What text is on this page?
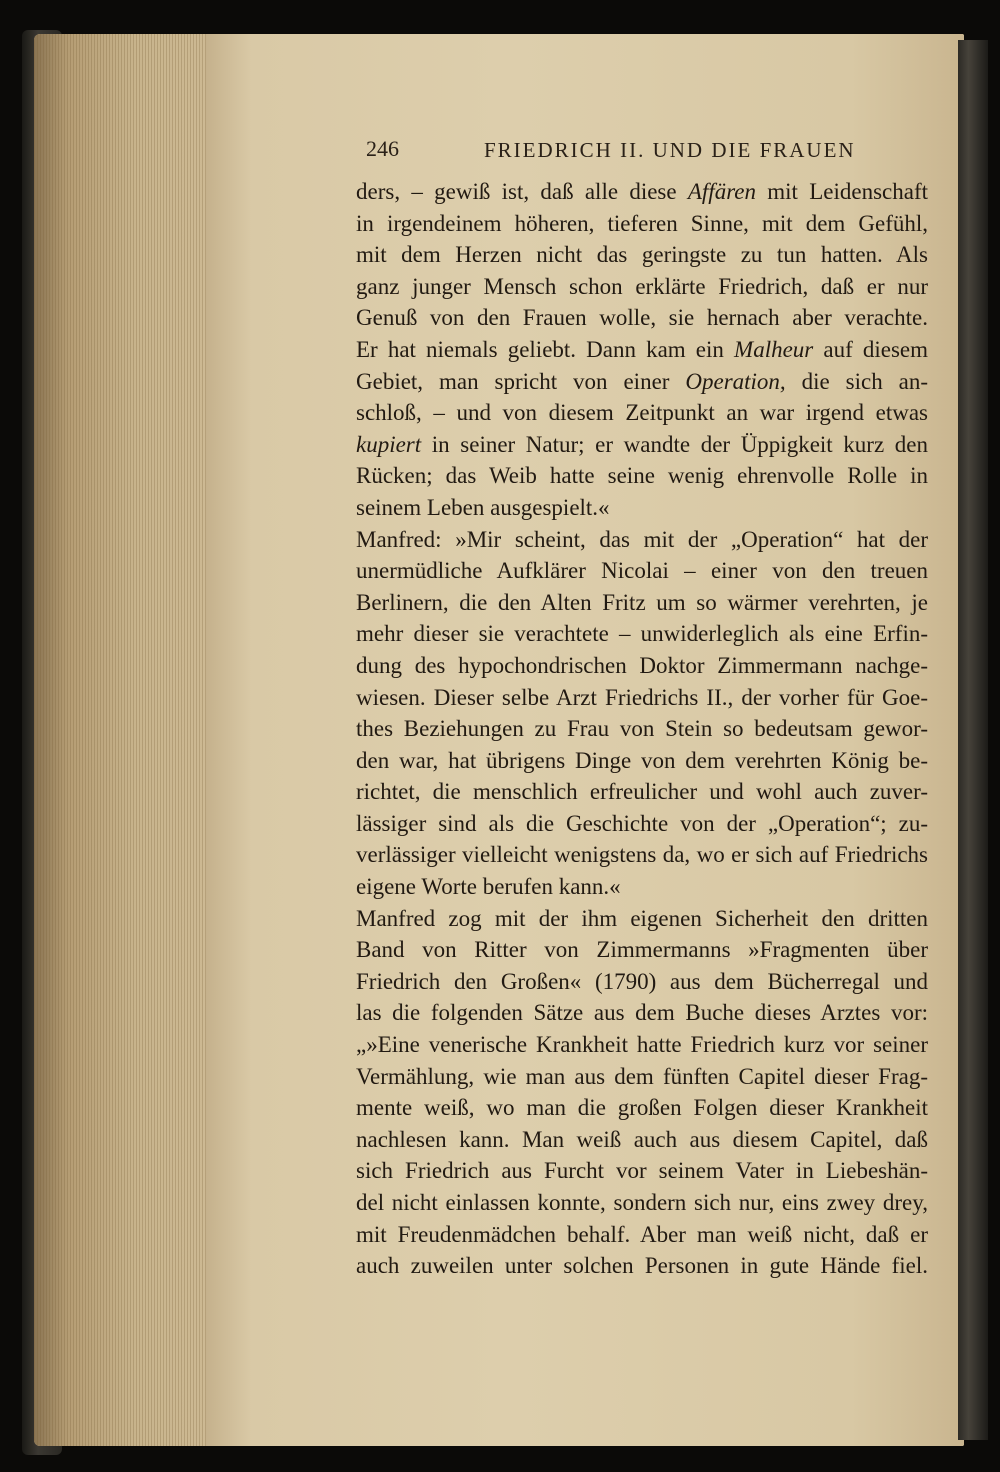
246	FRIEDRICH II. UND DIE FRAUEN
ders, – gewiß ist, daß alle diese Affären mit Leidenschaft
in irgendeinem höheren, tieferen Sinne, mit dem Gefühl,
mit dem Herzen nicht das geringste zu tun hatten. Als
ganz junger Mensch schon erklärte Friedrich, daß er nur
Genuß von den Frauen wolle, sie hernach aber verachte.
Er hat niemals geliebt. Dann kam ein Malheur auf diesem
Gebiet, man spricht von einer Operation, die sich an-
schloß, – und von diesem Zeitpunkt an war irgend etwas
kupiert in seiner Natur; er wandte der Üppigkeit kurz den
Rücken; das Weib hatte seine wenig ehrenvolle Rolle in
seinem Leben ausgespielt.«
Manfred: »Mir scheint, das mit der „Operation“ hat der
unermüdliche Aufklärer Nicolai – einer von den treuen
Berlinern, die den Alten Fritz um so wärmer verehrten, je
mehr dieser sie verachtete – unwiderleglich als eine Erfin-
dung des hypochondrischen Doktor Zimmermann nachge-
wiesen. Dieser selbe Arzt Friedrichs II., der vorher für Goe-
thes Beziehungen zu Frau von Stein so bedeutsam gewor-
den war, hat übrigens Dinge von dem verehrten König be-
richtet, die menschlich erfreulicher und wohl auch zuver-
lässiger sind als die Geschichte von der „Operation“; zu-
verlässiger vielleicht wenigstens da, wo er sich auf Friedrichs
eigene Worte berufen kann.«
Manfred zog mit der ihm eigenen Sicherheit den dritten
Band von Ritter von Zimmermanns »Fragmenten über
Friedrich den Großen« (1790) aus dem Bücherregal und
las die folgenden Sätze aus dem Buche dieses Arztes vor:
„»Eine venerische Krankheit hatte Friedrich kurz vor seiner
Vermählung, wie man aus dem fünften Capitel dieser Frag-
mente weiß, wo man die großen Folgen dieser Krankheit
nachlesen kann. Man weiß auch aus diesem Capitel, daß
sich Friedrich aus Furcht vor seinem Vater in Liebeshän-
del nicht einlassen konnte, sondern sich nur, eins zwey drey,
mit Freudenmädchen behalf. Aber man weiß nicht, daß er
auch zuweilen unter solchen Personen in gute Hände fiel.
